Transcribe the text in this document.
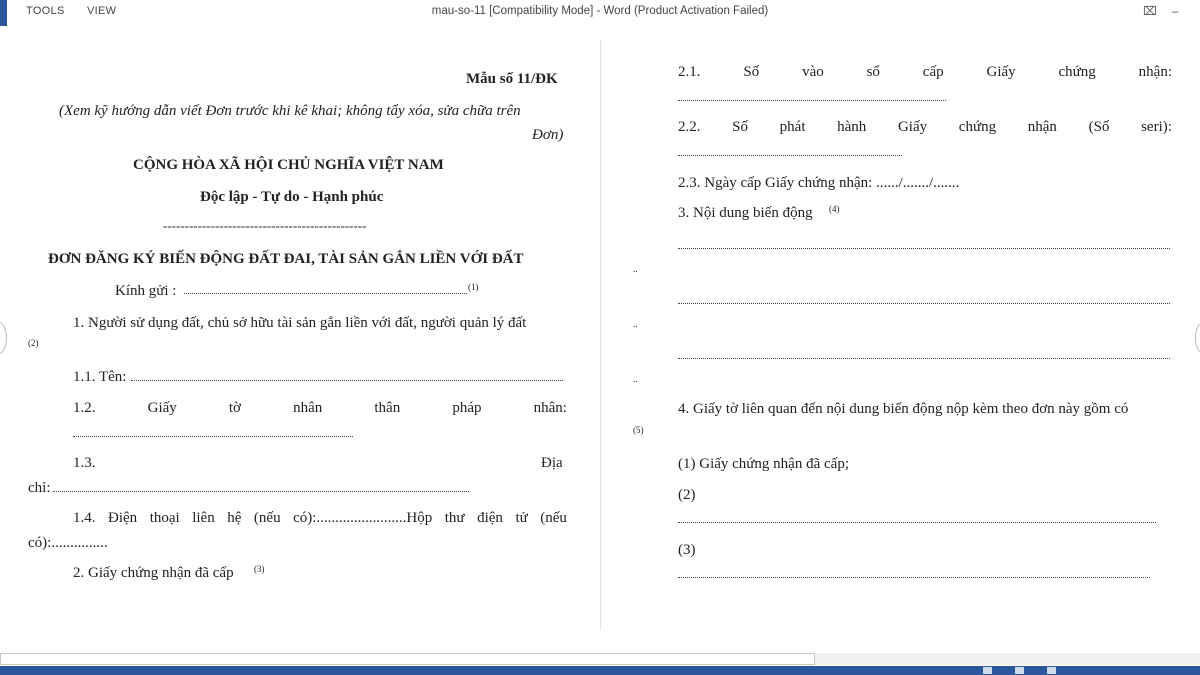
TOOLS VIEW	mau-so-11 [Compatibility Mode] - Word (Product Activation Failed)	⌧ –
Mẫu số 11/ĐK
(Xem kỹ hướng dẫn viết Đơn trước khi kê khai; không tẩy xóa, sửa chữa trên
Đơn)
CỘNG HÒA XÃ HỘI CHỦ NGHĨA VIỆT NAM
Độc lập - Tự do - Hạnh phúc
-----------------------------------------------
ĐƠN ĐĂNG KÝ BIẾN ĐỘNG ĐẤT ĐAI, TÀI SẢN GẮN LIỀN VỚI ĐẤT
Kính gửi :	(1)
1. Người sử dụng đất, chủ sở hữu tài sản gắn liền với đất, người quản lý đất
(2)
1.1. Tên:
1.2.	Giấy	tờ	nhân	thân	pháp	nhân:
1.3.	Địa
chỉ:
1.4. Điện thoại liên hệ (nếu có):........................Hộp thư điện tử (nếu
có):...............
2. Giấy chứng nhận đã cấp (3)
2.1.	Số	vào	sổ	cấp	Giấy	chứng	nhận:
2.2. Số phát hành Giấy chứng nhận (Số seri):
2.3. Ngày cấp Giấy chứng nhận: ....../......./.......
3. Nội dung biến động (4)
..
..
..
4. Giấy tờ liên quan đến nội dung biến động nộp kèm theo đơn này gồm có
(5)
(1) Giấy chứng nhận đã cấp;
(2)
(3)
